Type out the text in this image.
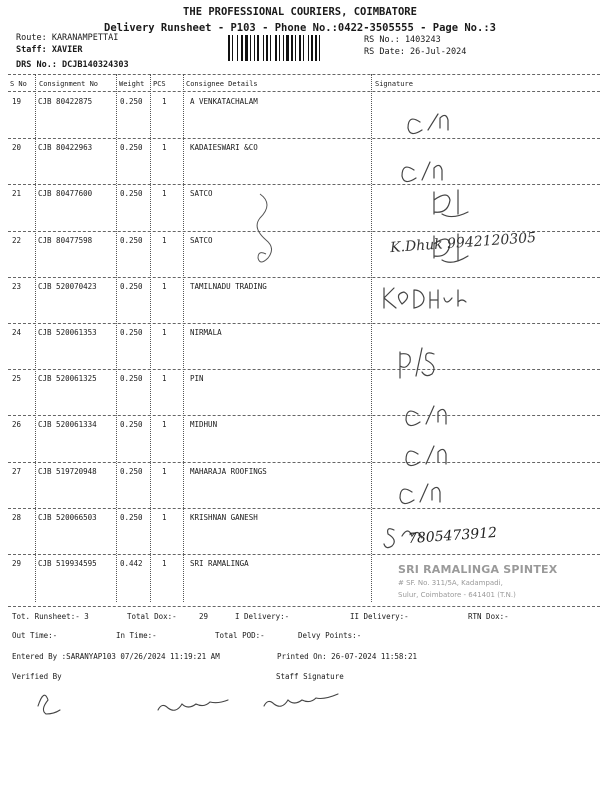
THE PROFESSIONAL COURIERS, COIMBATORE
Delivery Runsheet - P103 - Phone No.:0422-3505555 - Page No.:3
Route: KARANAMPETTAI
Staff: XAVIER
DRS No.: DCJB140324303
RS No.: 1403243
RS Date: 26-Jul-2024
S No Consignment No	Weight PCS	Consignee Details	Signature
19 CJB 80422875	0.250	1	A VENKATACHALAM
20 CJB 80422963	0.250	1	KADAIESWARI &CO
21 CJB 80477600	0.250	1	SATCO
22 CJB 80477598	0.250	1	SATCO
23 CJB 520070423	0.250	1	TAMILNADU TRADING
24 CJB 520061353	0.250	1	NIRMALA
25 CJB 520061325	0.250	1	PIN
26 CJB 520061334	0.250	1	MIDHUN
27 CJB 519720948	0.250	1	MAHARAJA ROOFINGS
28 CJB 520066503	0.250	1	KRISHNAN GANESH
29 CJB 519934595	0.442	1	SRI RAMALINGA
K.Dhuk 9942120305
7805473912
SRI RAMALINGA SPINTEX
# SF. No. 311/5A, Kadampadi,
Sulur, Coimbatore - 641401 (T.N.)
Tot. Runsheet:- 3	Total Dox:-	29	I Delivery:-	II Delivery:-	RTN Dox:-
Out Time:-	In Time:-	Total POD:-	Delvy Points:-
Entered By :SARANYAP103 07/26/2024 11:19:21 AM	Printed On: 26-07-2024 11:58:21
Verified By	Staff Signature
